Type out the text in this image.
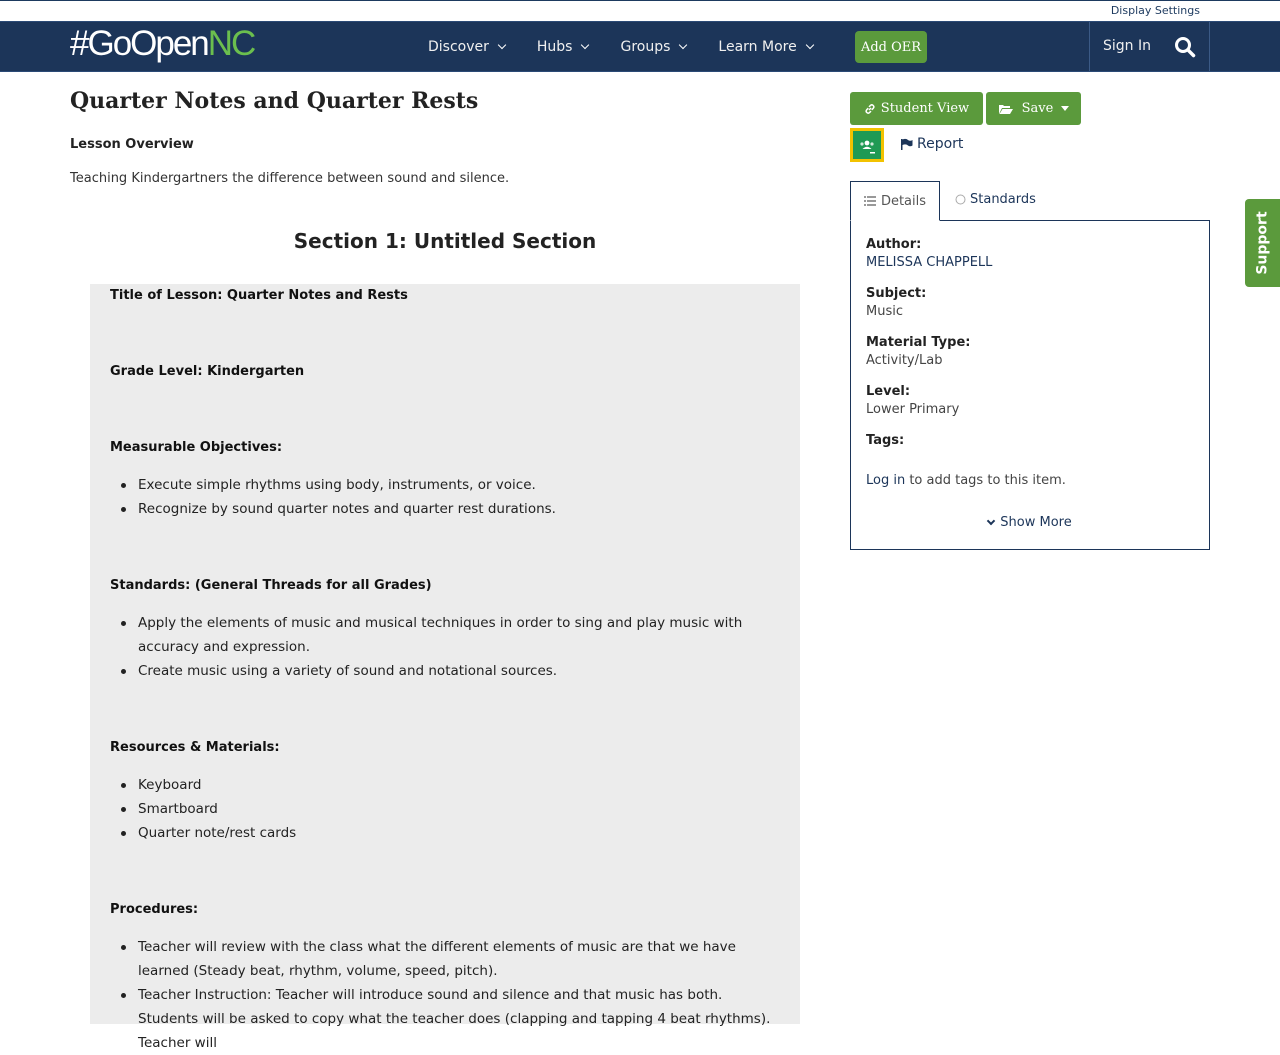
Display Settings
#GoOpenNC	Discover	Hubs	Groups	Learn More	Add OER	Sign In
Quarter Notes and Quarter Rests
Lesson Overview
Teaching Kindergartners the difference between sound and silence.
Section 1: Untitled Section
Title of Lesson: Quarter Notes and Rests
Grade Level: Kindergarten
Measurable Objectives:
Execute simple rhythms using body, instruments, or voice.
Recognize by sound quarter notes and quarter rest durations.
Standards: (General Threads for all Grades)
Apply the elements of music and musical techniques in order to sing and play music with accuracy and expression.
Create music using a variety of sound and notational sources.
Resources & Materials:
Keyboard
Smartboard
Quarter note/rest cards
Procedures:
Teacher will review with the class what the different elements of music are that we have learned (Steady beat, rhythm, volume, speed, pitch).
Teacher Instruction: Teacher will introduce sound and silence and that music has both. Students will be asked to copy what the teacher does (clapping and tapping 4 beat rhythms). Teacher will
Student View	Save
Report
Details	Standards
Author:
MELISSA CHAPPELL
Subject:
Music
Material Type:
Activity/Lab
Level:
Lower Primary
Tags:
Log in to add tags to this item.
Show More
Support
